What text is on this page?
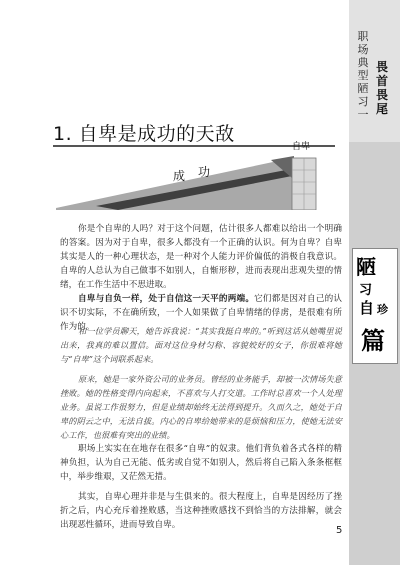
职
场
典
型
陋
习
一
畏
首
畏
尾
陋
习
自 珍
篇
1. 自卑是成功的天敌
成 功
自卑
你是个自卑的人吗？对于这个问题，估计很多人都难以给出一个明确的答案。因为对于自卑，很多人都没有一个正确的认识。何为自卑？自卑其实是人的一种心理状态，是一种对个人能力评价偏低的消极自我意识。自卑的人总认为自己做事不如别人，自惭形秽，进而表现出悲观失望的情绪，在工作生活中不思进取。
自卑与自负一样，处于自信这一天平的两端。它们都是因对自己的认识不切实际，不在确所致，一个人如果做了自卑情绪的俘虏，是很难有所作为的。
和一位学员聊天，她告诉我说：“其实我挺自卑的。”听到这话从她嘴里说出来，我真的难以置信。面对这位身材匀称、容貌姣好的女子，你很难将她与“自卑”这个词联系起来。
原来，她是一家外资公司的业务员。曾经的业务能手，却被一次情场失意挫败。她的性格变得内向起来，不喜欢与人打交道。工作时总喜欢一个人处理业务。虽说工作很努力，但是业绩却始终无法得到提升。久而久之，她处于自卑的阴云之中，无法自拔。内心的自卑给她带来的是烦恼和压力，使她无法安心工作，也很难有突出的业绩。
职场上实实在在地存在很多“自卑”的奴隶。他们背负着各式各样的精神负担，认为自己无能、低劣或自觉不如别人，然后将自己陷入条条框框中，举步维艰，又茫然无措。
其实，自卑心理并非是与生俱来的。很大程度上，自卑是因经历了挫折之后，内心充斥着挫败感，当这种挫败感找不到恰当的方法排解，就会出现恶性循环，进而导致自卑。	5
